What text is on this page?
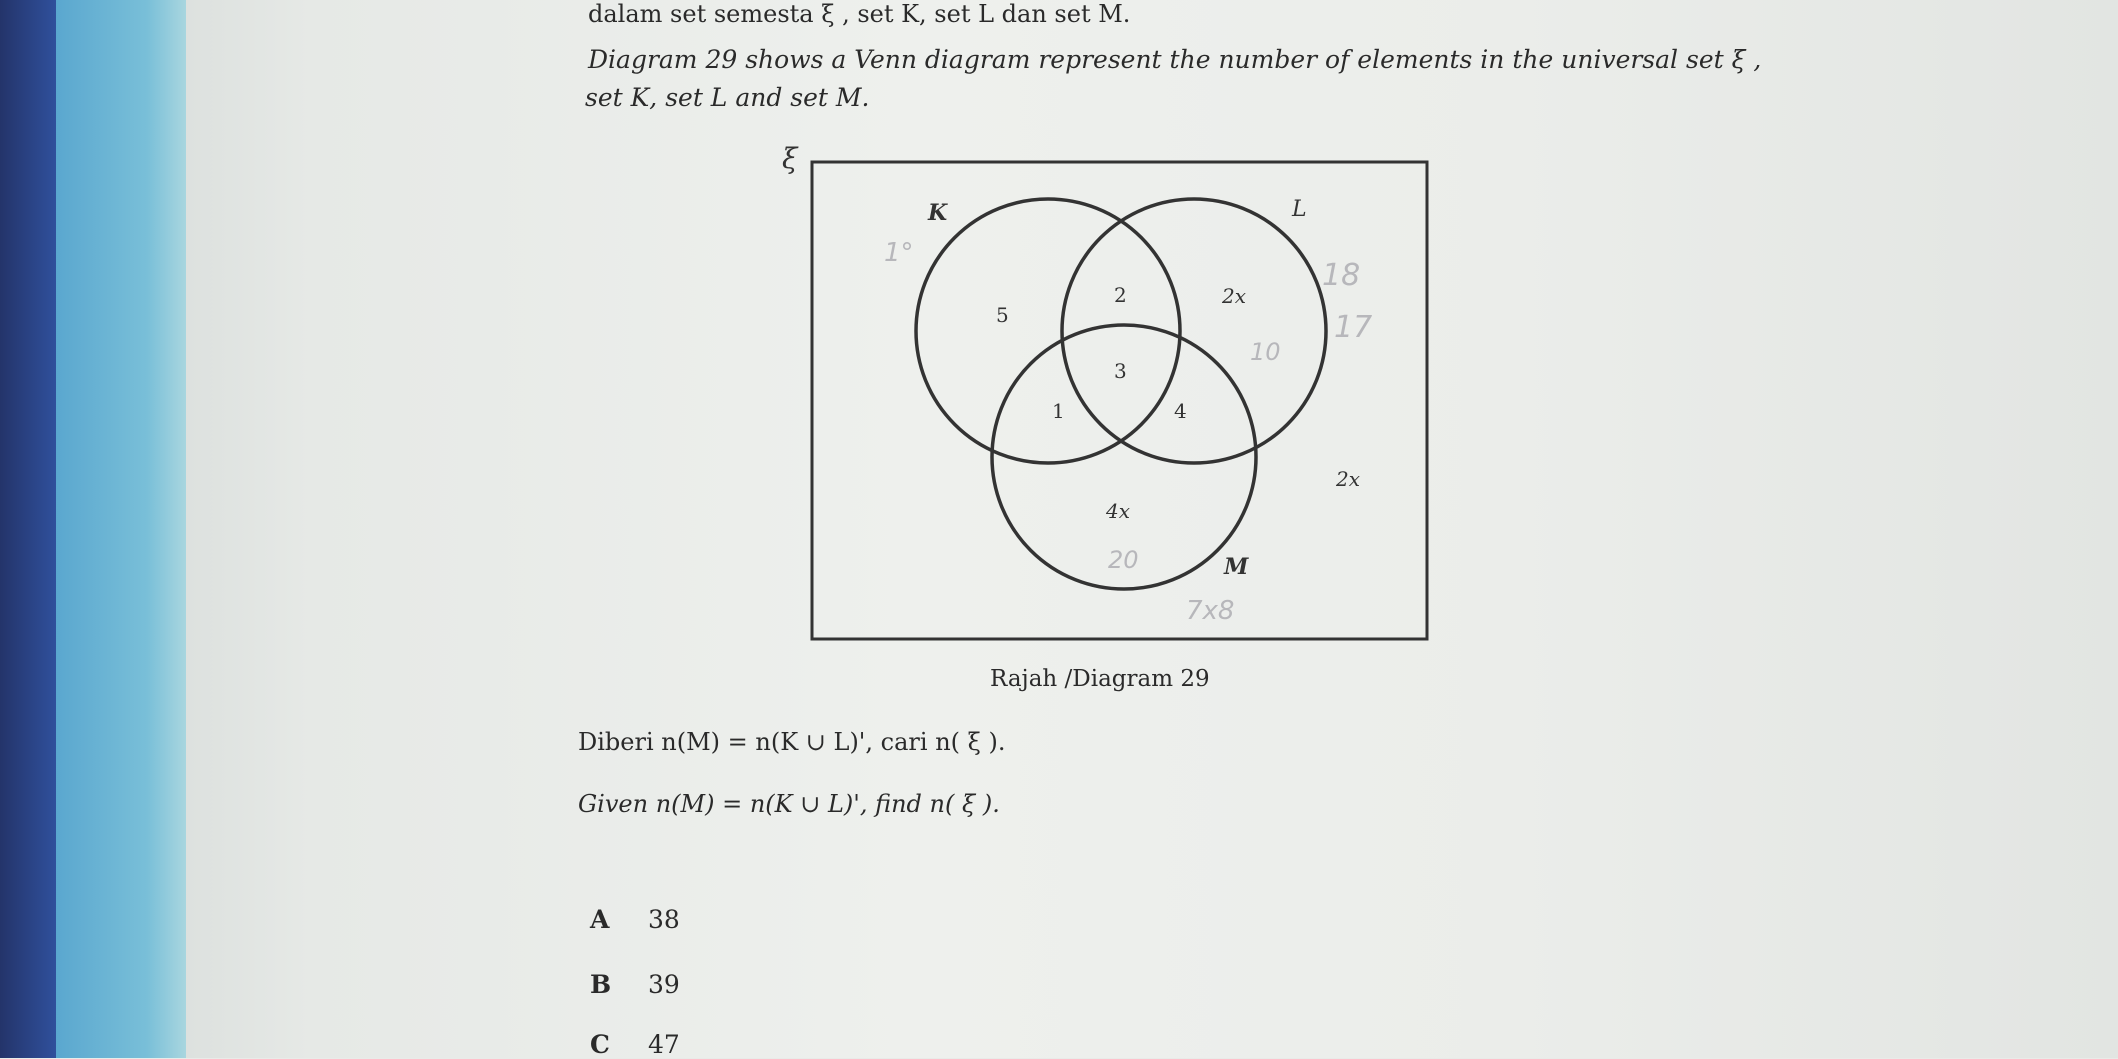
dalam set semesta ξ , set K, set L dan set M.
Diagram 29 shows a Venn diagram represent the number of elements in the universal set ξ ,
set K, set L and set M.
ξ
K	L
M
5
2	2x
3
1	4
4x
2x
1°
18
17
10
20
7x8
Rajah /Diagram 29
Diberi n(M) = n(K ∪ L)', cari n( ξ ).
Given n(M) = n(K ∪ L)', find n( ξ ).
A 38
B 39
C 47
